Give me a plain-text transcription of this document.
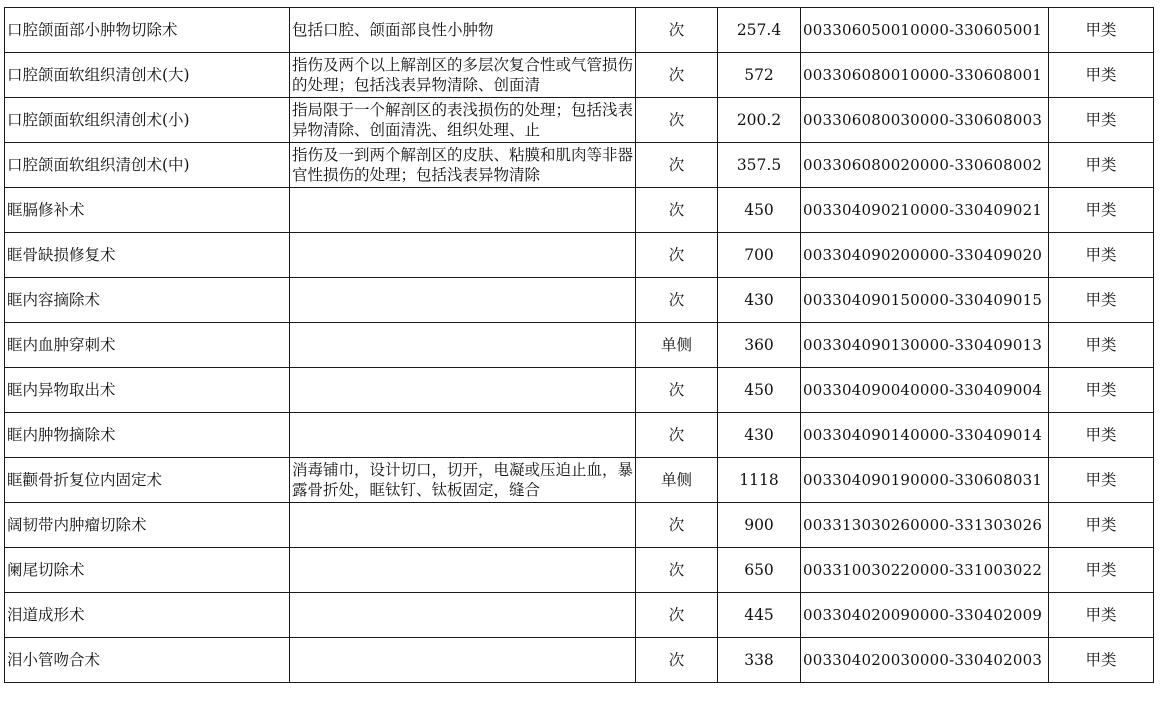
口腔颌面部小肿物切除术	包括口腔、颌面部良性小肿物	次	257.4	003306050010000-330605001	甲类
口腔颌面软组织清创术(大)	指伤及两个以上解剖区的多层次复合性或气管损伤的处理；包括浅表异物清除、创面清	次	572	003306080010000-330608001	甲类
口腔颌面软组织清创术(小)	指局限于一个解剖区的表浅损伤的处理；包括浅表异物清除、创面清洗、组织处理、止	次	200.2	003306080030000-330608003	甲类
口腔颌面软组织清创术(中)	指伤及一到两个解剖区的皮肤、粘膜和肌肉等非器官性损伤的处理；包括浅表异物清除	次	357.5	003306080020000-330608002	甲类
眶膈修补术		次	450	003304090210000-330409021	甲类
眶骨缺损修复术		次	700	003304090200000-330409020	甲类
眶内容摘除术		次	430	003304090150000-330409015	甲类
眶内血肿穿刺术		单侧	360	003304090130000-330409013	甲类
眶内异物取出术		次	450	003304090040000-330409004	甲类
眶内肿物摘除术		次	430	003304090140000-330409014	甲类
眶颧骨折复位内固定术	消毒铺巾，设计切口，切开，电凝或压迫止血，暴露骨折处，眶钛钉、钛板固定，缝合	单侧	1118	003304090190000-330608031	甲类
阔韧带内肿瘤切除术		次	900	003313030260000-331303026	甲类
阑尾切除术		次	650	003310030220000-331003022	甲类
泪道成形术		次	445	003304020090000-330402009	甲类
泪小管吻合术		次	338	003304020030000-330402003	甲类
